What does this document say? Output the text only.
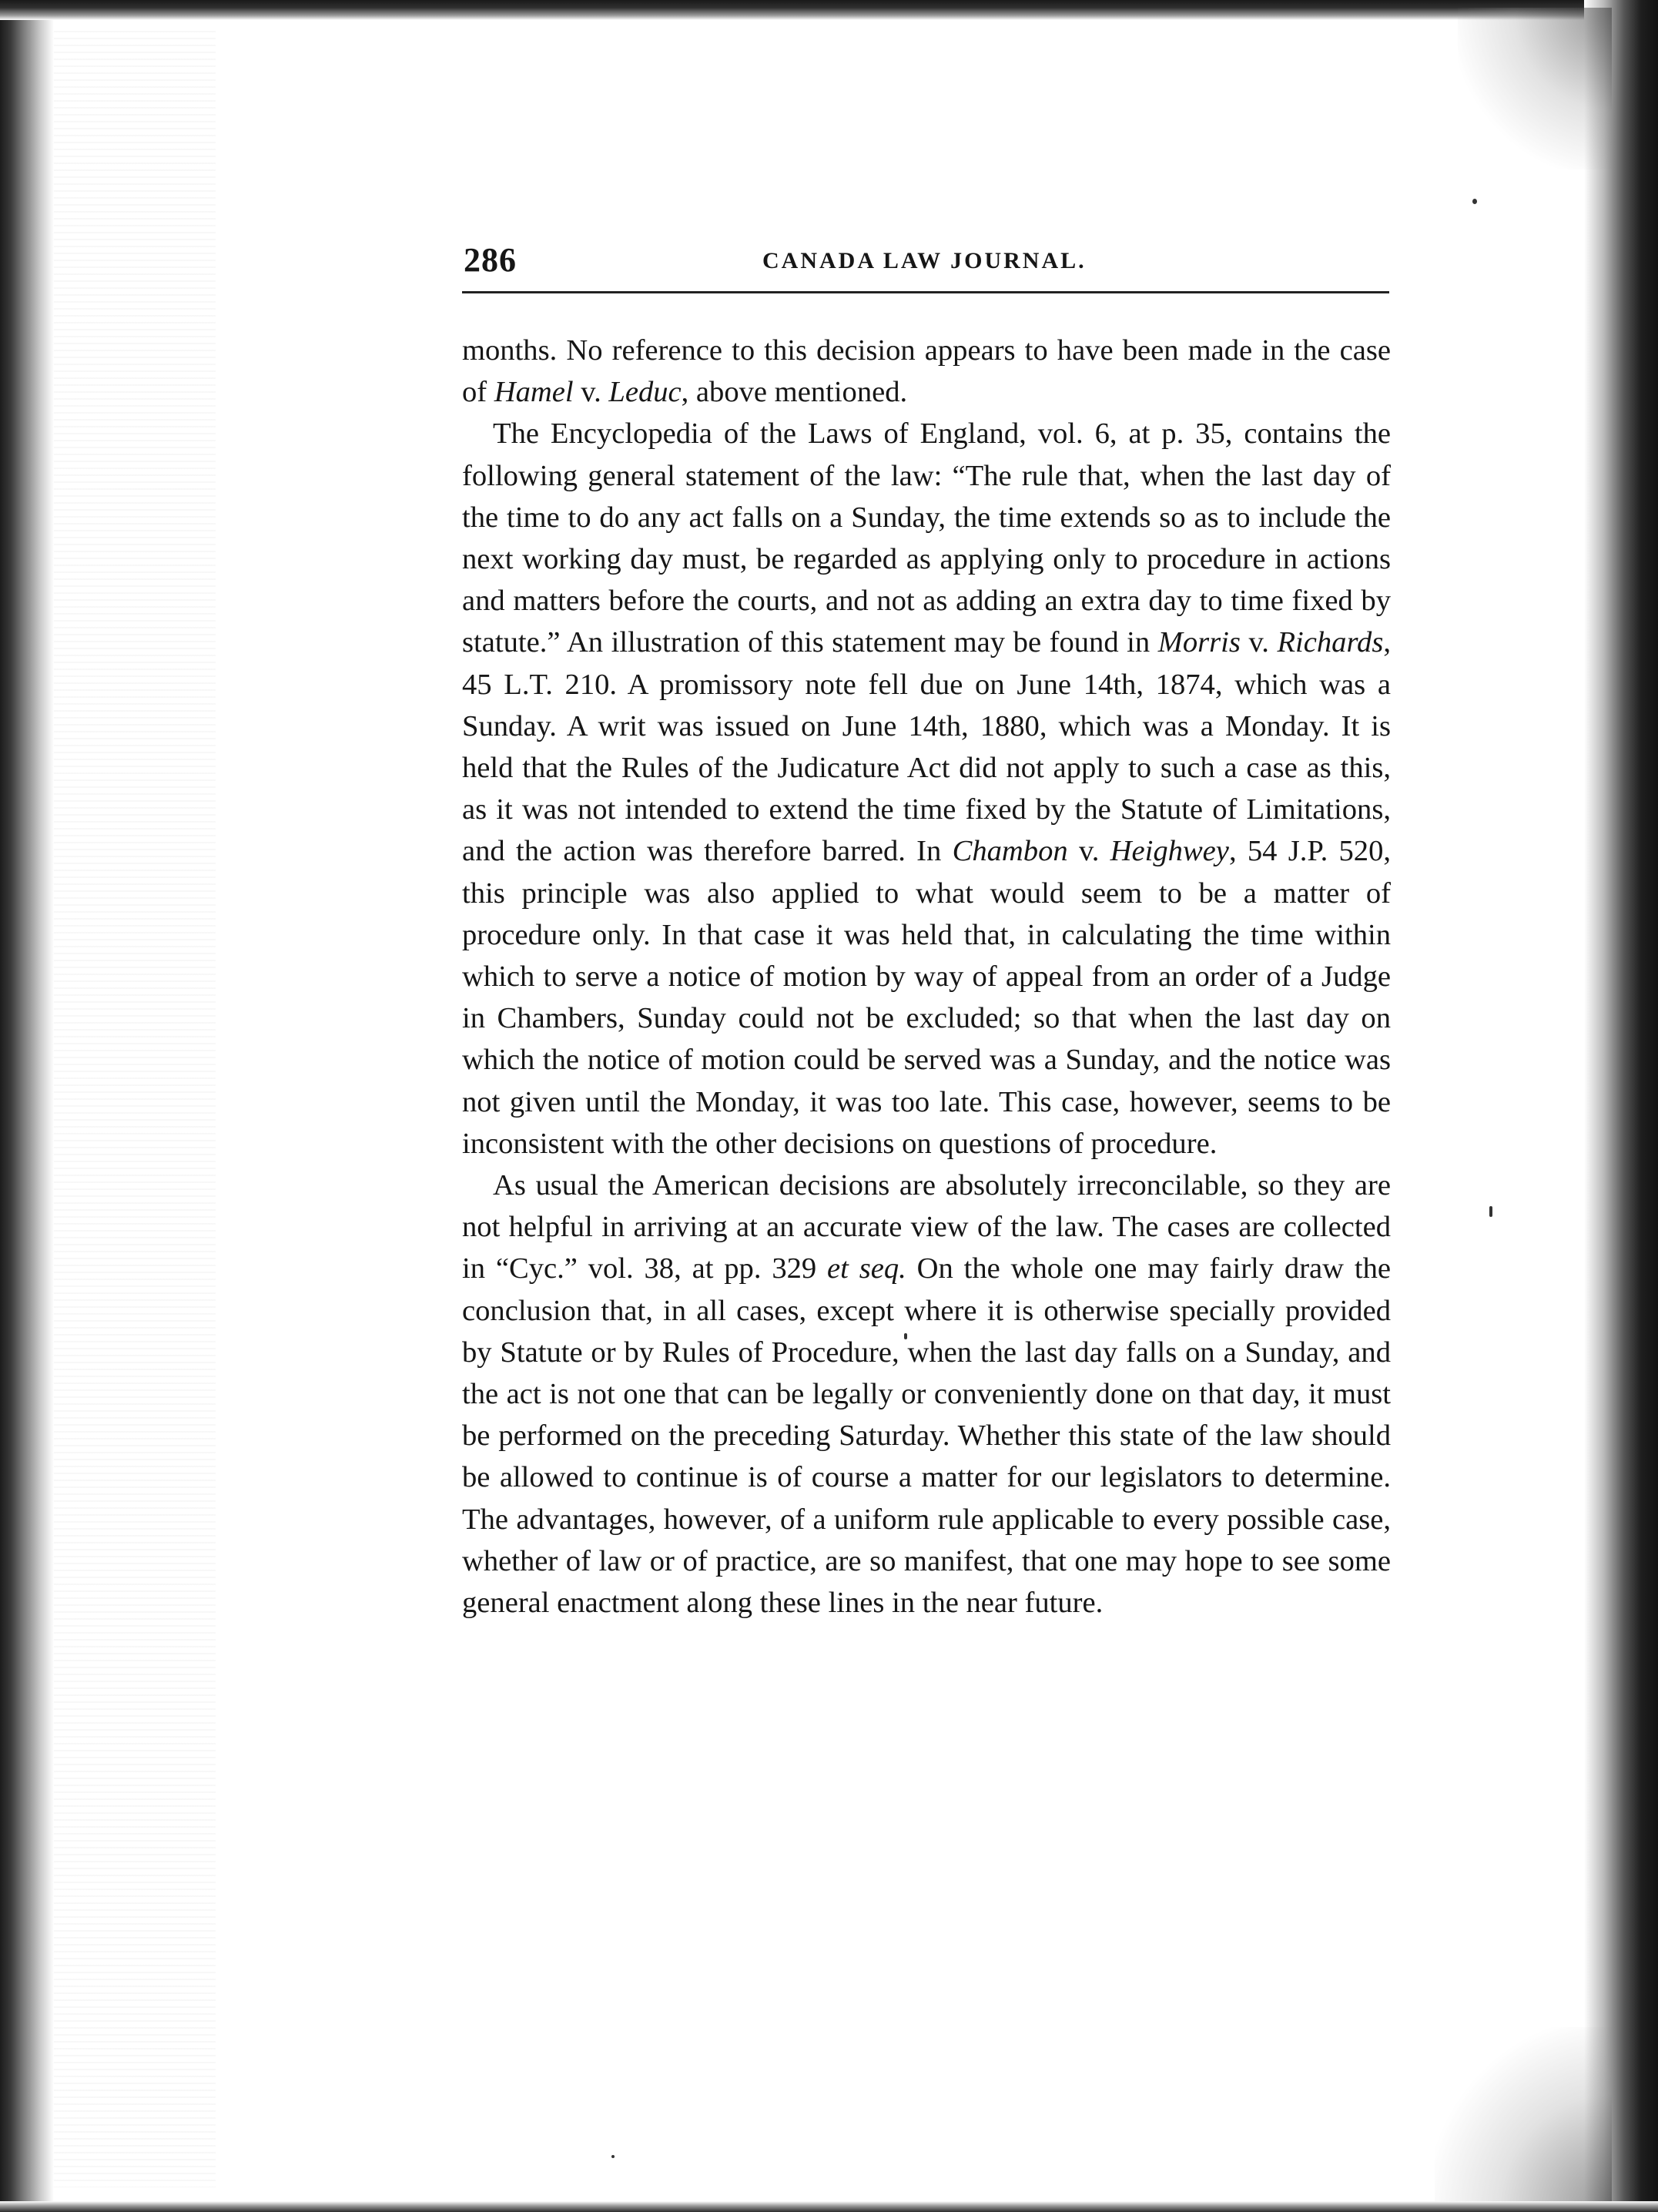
286	CANADA LAW JOURNAL.

months. No reference to this decision appears to have been made in the case of Hamel v. Leduc, above mentioned.

The Encyclopedia of the Laws of England, vol. 6, at p. 35, contains the following general statement of the law: “The rule that, when the last day of the time to do any act falls on a Sunday, the time extends so as to include the next working day must, be regarded as applying only to procedure in actions and matters before the courts, and not as adding an extra day to time fixed by statute.” An illustration of this statement may be found in Morris v. Richards, 45 L.T. 210. A promissory note fell due on June 14th, 1874, which was a Sunday. A writ was issued on June 14th, 1880, which was a Monday. It is held that the Rules of the Judicature Act did not apply to such a case as this, as it was not intended to extend the time fixed by the Statute of Limitations, and the action was therefore barred. In Chambon v. Heighwey, 54 J.P. 520, this principle was also applied to what would seem to be a matter of procedure only. In that case it was held that, in calculating the time within which to serve a notice of motion by way of appeal from an order of a Judge in Chambers, Sunday could not be excluded; so that when the last day on which the notice of motion could be served was a Sunday, and the notice was not given until the Monday, it was too late. This case, however, seems to be inconsistent with the other decisions on questions of procedure.

As usual the American decisions are absolutely irreconcilable, so they are not helpful in arriving at an accurate view of the law. The cases are collected in “Cyc.” vol. 38, at pp. 329 et seq. On the whole one may fairly draw the conclusion that, in all cases, except where it is otherwise specially provided by Statute or by Rules of Procedure, when the last day falls on a Sunday, and the act is not one that can be legally or conveniently done on that day, it must be performed on the preceding Saturday. Whether this state of the law should be allowed to continue is of course a matter for our legislators to determine. The advantages, however, of a uniform rule applicable to every possible case, whether of law or of practice, are so manifest, that one may hope to see some general enactment along these lines in the near future.
